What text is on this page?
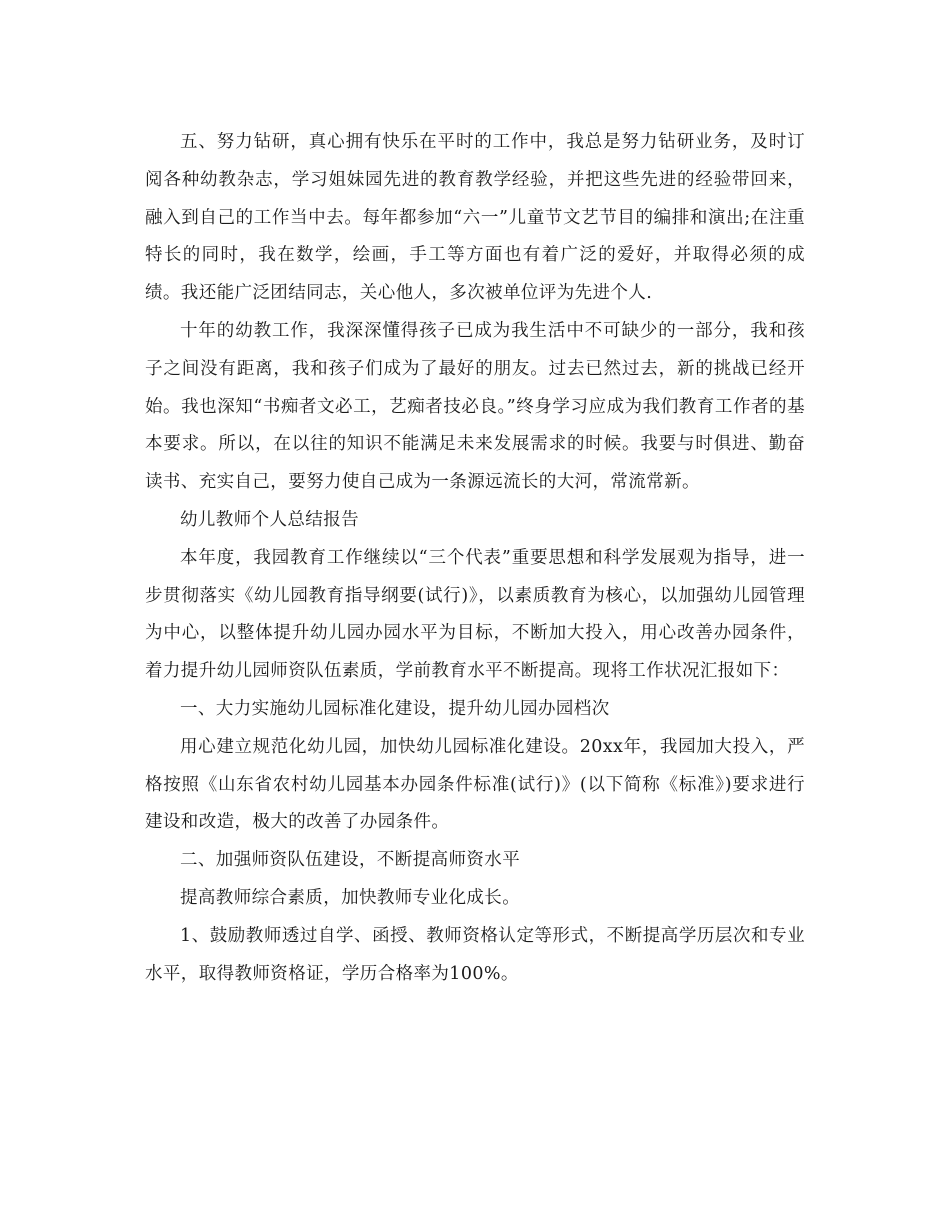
五、努力钻研，真心拥有快乐在平时的工作中，我总是努力钻研业务，及时订阅各种幼教杂志，学习姐妹园先进的教育教学经验，并把这些先进的经验带回来，融入到自己的工作当中去。每年都参加“六一”儿童节文艺节目的编排和演出;在注重特长的同时，我在数学，绘画，手工等方面也有着广泛的爱好，并取得必须的成绩。我还能广泛团结同志，关心他人，多次被单位评为先进个人.

十年的幼教工作，我深深懂得孩子已成为我生活中不可缺少的一部分，我和孩子之间没有距离，我和孩子们成为了最好的朋友。过去已然过去，新的挑战已经开始。我也深知“书痴者文必工，艺痴者技必良。”终身学习应成为我们教育工作者的基本要求。所以，在以往的知识不能满足未来发展需求的时候。我要与时俱进、勤奋读书、充实自己，要努力使自己成为一条源远流长的大河，常流常新。

幼儿教师个人总结报告

本年度，我园教育工作继续以“三个代表”重要思想和科学发展观为指导，进一步贯彻落实《幼儿园教育指导纲要(试行)》，以素质教育为核心，以加强幼儿园管理为中心，以整体提升幼儿园办园水平为目标，不断加大投入，用心改善办园条件，着力提升幼儿园师资队伍素质，学前教育水平不断提高。现将工作状况汇报如下：

一、大力实施幼儿园标准化建设，提升幼儿园办园档次

用心建立规范化幼儿园，加快幼儿园标准化建设。20xx年，我园加大投入，严格按照《山东省农村幼儿园基本办园条件标准(试行)》(以下简称《标准》)要求进行建设和改造，极大的改善了办园条件。

二、加强师资队伍建设，不断提高师资水平

提高教师综合素质，加快教师专业化成长。

1、鼓励教师透过自学、函授、教师资格认定等形式，不断提高学历层次和专业水平，取得教师资格证，学历合格率为100%。
